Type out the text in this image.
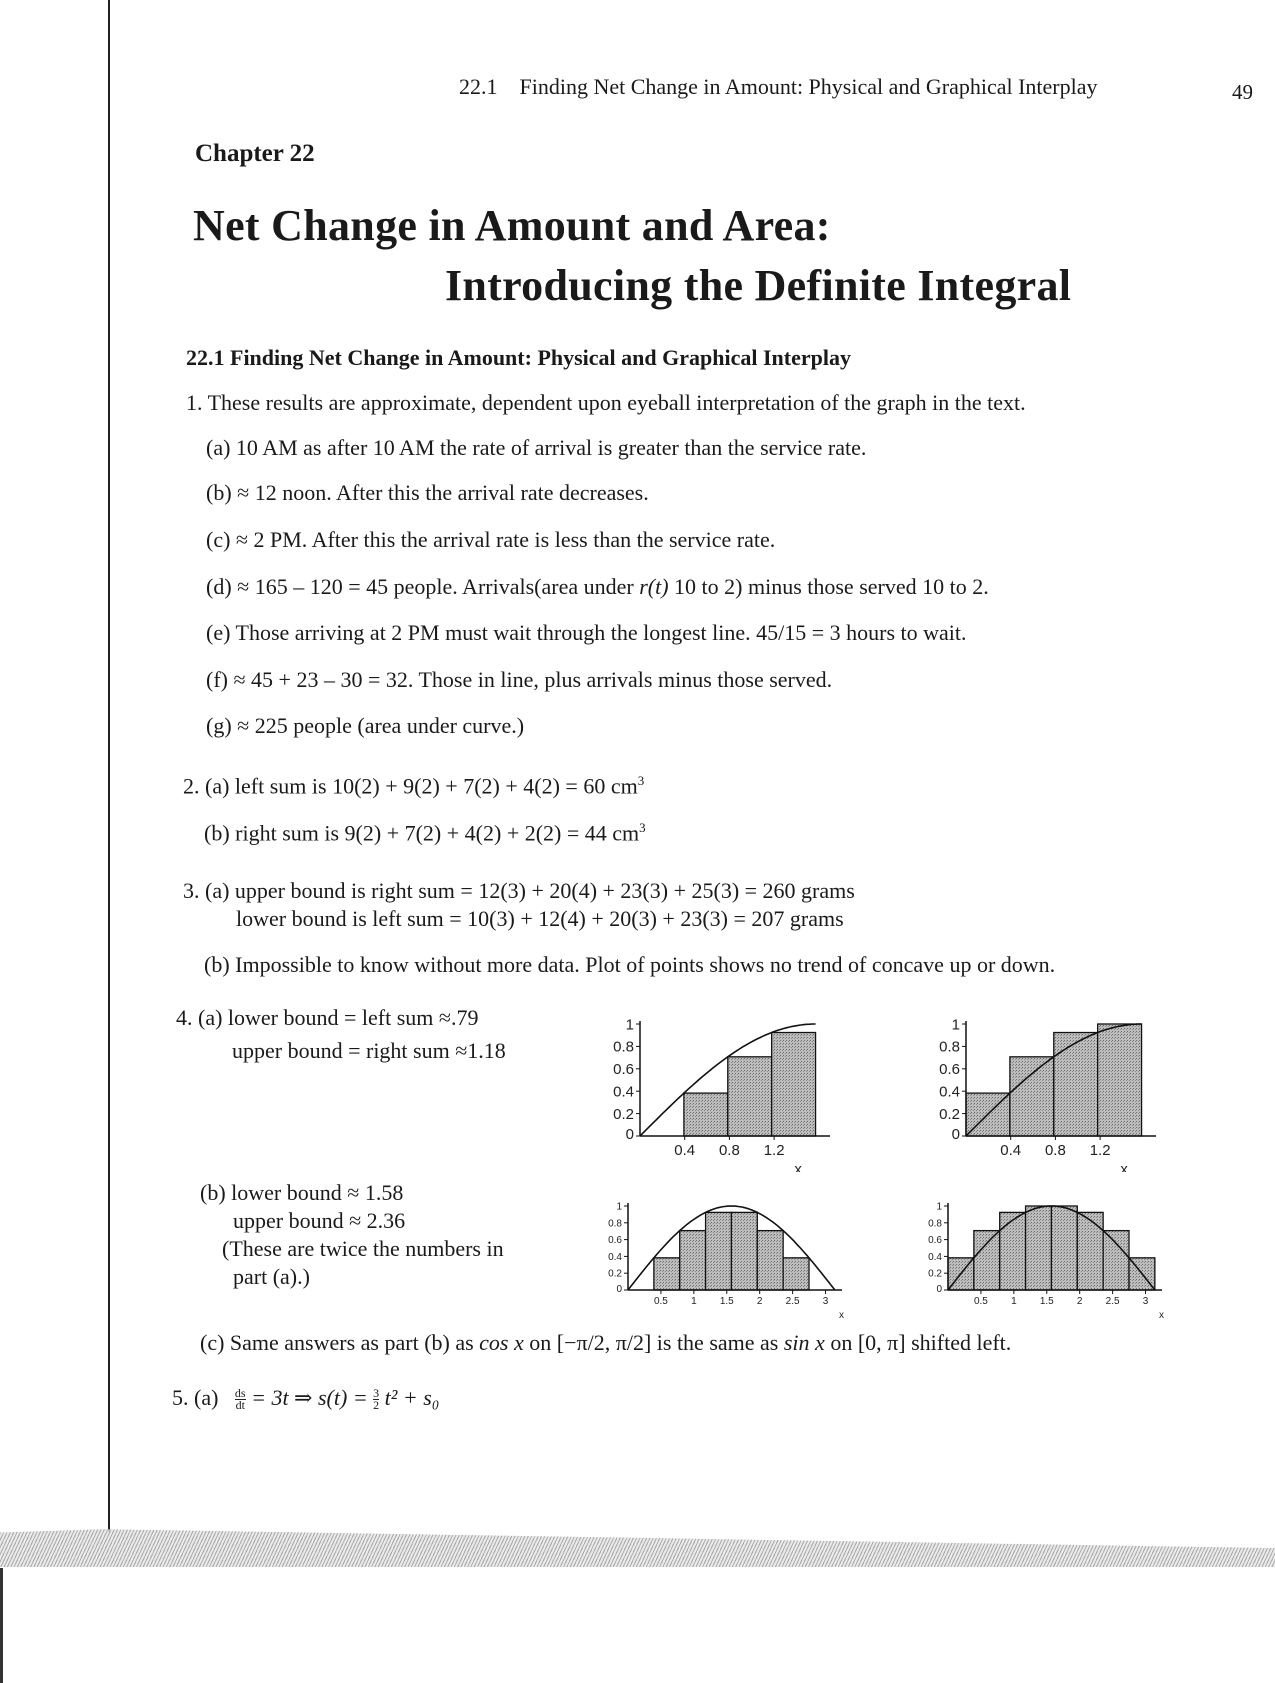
22.1 Finding Net Change in Amount: Physical and Graphical Interplay	49
Chapter 22
Net Change in Amount and Area:
Introducing the Definite Integral
22.1 Finding Net Change in Amount: Physical and Graphical Interplay
1. These results are approximate, dependent upon eyeball interpretation of the graph in the text.
(a) 10 AM as after 10 AM the rate of arrival is greater than the service rate.
(b) ≈ 12 noon. After this the arrival rate decreases.
(c) ≈ 2 PM. After this the arrival rate is less than the service rate.
(d) ≈ 165 – 120 = 45 people. Arrivals(area under r(t) 10 to 2) minus those served 10 to 2.
(e) Those arriving at 2 PM must wait through the longest line. 45/15 = 3 hours to wait.
(f) ≈ 45 + 23 – 30 = 32. Those in line, plus arrivals minus those served.
(g) ≈ 225 people (area under curve.)
2. (a) left sum is 10(2) + 9(2) + 7(2) + 4(2) = 60 $cm^3$
(b) right sum is 9(2) + 7(2) + 4(2) + 2(2) = 44 $cm^3$
3. (a) upper bound is right sum = 12(3) + 20(4) + 23(3) + 25(3) = 260 grams
lower bound is left sum = 10(3) + 12(4) + 20(3) + 23(3) = 207 grams
(b) Impossible to know without more data. Plot of points shows no trend of concave up or down.
4. (a) lower bound = left sum ≈.79
upper bound = right sum ≈1.18
(b) lower bound ≈ 1.58
upper bound ≈ 2.36
(These are twice the numbers in
part (a).)
(c) Same answers as part (b) as cos x on [−π/2, π/2] is the same as sin x on [0, π] shifted left.
5. $(a) \frac{ds}{dt} = 3t$ ⇒ $s(t) = \frac{3}{2} t^2 + s_0$
0
0.2
0.4
0.6
0.8
1
0.4 0.8 1.2
x
0
0.2
0.4
0.6
0.8
1
0.4 0.8 1.2
x
0
0.2
0.4
0.6
0.8
1
0.5 1 1.5 2 2.5 3
x
0
0.2
0.4
0.6
0.8
1
0.5 1 1.5 2 2.5 3
x
